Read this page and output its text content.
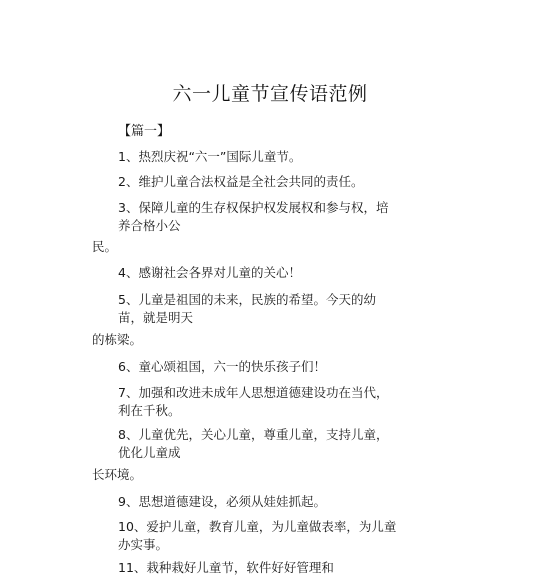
六一儿童节宣传语范例
【篇一】
1、热烈庆祝“六一”国际儿童节。
2、维护儿童合法权益是全社会共同的责任。
3、保障儿童的生存权保护权发展权和参与权，培养合格小公
民。
4、感谢社会各界对儿童的关心！
5、儿童是祖国的未来，民族的希望。今天的幼苗，就是明天
的栋梁。
6、童心颂祖国，六一的快乐孩子们！
7、加强和改进未成年人思想道德建设功在当代，利在千秋。
8、儿童优先，关心儿童，尊重儿童，支持儿童，优化儿童成
长环境。
9、思想道德建设，必须从娃娃抓起。
10、爱护儿童，教育儿童，为儿童做表率，为儿童办实事。
11、栽种栽好儿童节，软件好好管理和
